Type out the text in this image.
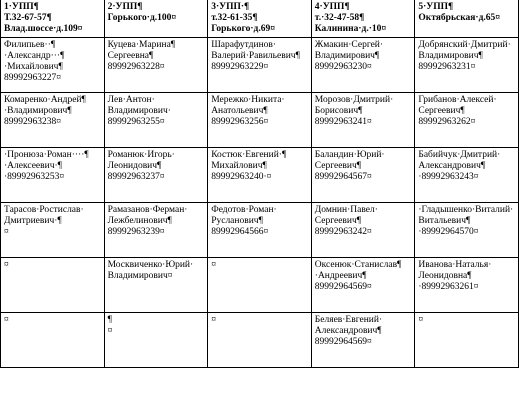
1·УПП¶
Т.32-67-57¶
Влад.шоссе·д.109¤	2·УПП¶
Горького·д.100¤	3·УПП·¶
т.32-61-35¶
Горького·д.69¤	4·УПП¶
т.·32-47-58¶
Калинина·д.·10¤	5·УПП¶
Октябрьская·д.65¤

Филипьев··¶
·Александр···¶
·Михайлович¶
89992963227¤	Куцева·Марина¶
Сергеевна¶
89992963228¤	Шарафутдинов·
Валерий·Равильевич¶
89992963229¤	Жмакин·Сергей·
Владимирович¶
89992963230¤	Добрянский·Дмитрий·
Владимирович¶
89992963231¤

Комаренко·Андрей¶
·Владимирович¶
89992963238¤	Лев·Антон·
Владимирович·
89992963255¤	Мережко·Никита·
Анатольевич¶
89992963256¤	Морозов·Дмитрий·
Борисович¶
89992963241¤	Грибанов·Алексей·
Сергеевич¶
89992963262¤

·Пронюза·Роман····¶
·Алексеевич·¶
·89992963253¤	Романюк·Игорь·
Леонидович¶
89992963237¤	Костюк·Евгений·¶
Михайлович¶
89992963240·¤	Баландин·Юрий·
Сергеевич¶
89992964567¤	Бабийчук·Дмитрий·
Александрович¶
·89992963243¤

Тарасов·Ростислав·
Дмитриевич·¶
¤	Рамазанов·Ферман·
Лежбелинович¶
89992963239¤	Федотов·Роман·
Русланович¶
89992964566¤	Домнин·Павел·
Сергеевич¶
89992963242¤	·Гладышенко·Виталий·
Витальевич¶
·89992964570¤

¤	Москвиченко·Юрий·
Владимирович¤	¤	Оксенюк·Станислав¶
·Андреевич¶
89992964569¤	Иванова·Наталья·
Леонидовна¶
·89992963261¤

¤	¶
¤	¤	Беляев·Евгений·
Александрович¶
89992964569¤	¤
